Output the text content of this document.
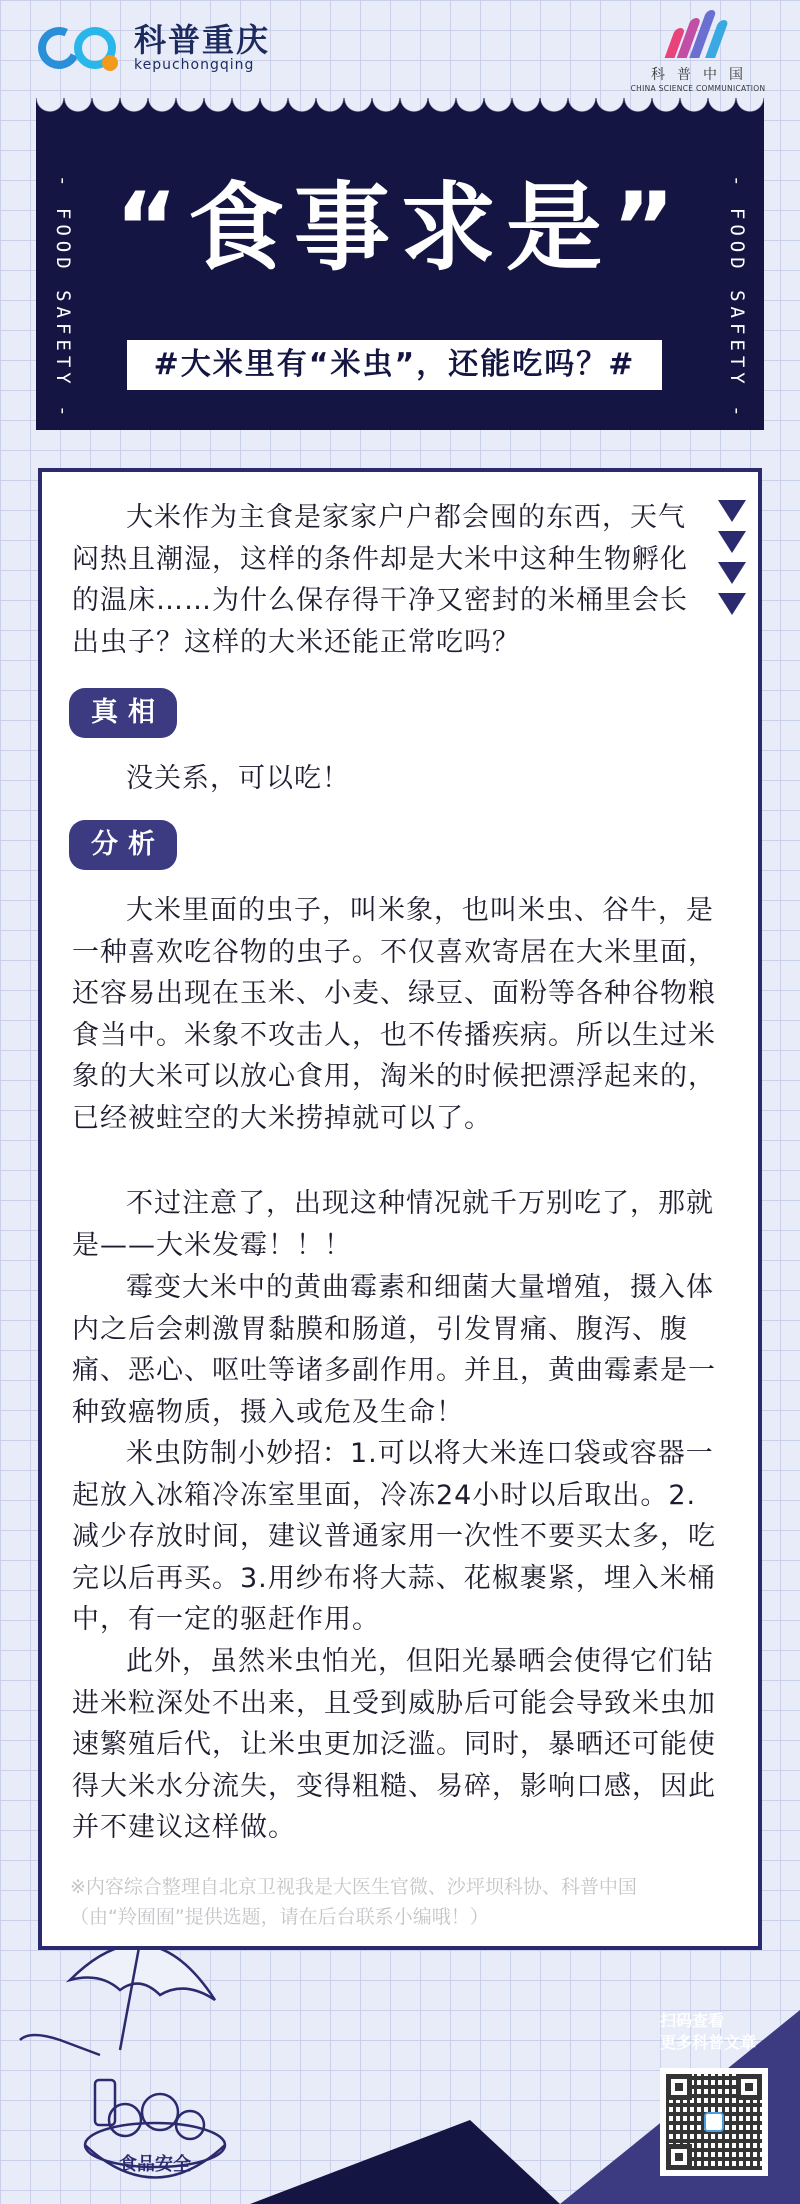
科普重庆
kepuchongqing
科普中国
CHINA SCIENCE COMMUNICATION
- FOOD SAFETY -	- FOOD SAFETY -
“食事求是”
#大米里有“米虫”，还能吃吗？#
大米作为主食是家家户户都会囤的东西，天气闷热且潮湿，这样的条件却是大米中这种生物孵化的温床……为什么保存得干净又密封的米桶里会长出虫子？这样的大米还能正常吃吗？
真相
没关系，可以吃！
分析
大米里面的虫子，叫米象，也叫米虫、谷牛，是一种喜欢吃谷物的虫子。不仅喜欢寄居在大米里面，还容易出现在玉米、小麦、绿豆、面粉等各种谷物粮食当中。米象不攻击人，也不传播疾病。所以生过米象的大米可以放心食用，淘米的时候把漂浮起来的，已经被蛀空的大米捞掉就可以了。
不过注意了，出现这种情况就千万别吃了，那就是——大米发霉！！！
霉变大米中的黄曲霉素和细菌大量增殖，摄入体内之后会刺激胃黏膜和肠道，引发胃痛、腹泻、腹痛、恶心、呕吐等诸多副作用。并且，黄曲霉素是一种致癌物质，摄入或危及生命！
米虫防制小妙招：1.可以将大米连口袋或容器一起放入冰箱冷冻室里面，冷冻24小时以后取出。2.减少存放时间，建议普通家用一次性不要买太多，吃完以后再买。3.用纱布将大蒜、花椒裹紧，埋入米桶中，有一定的驱赶作用。
此外，虽然米虫怕光，但阳光暴晒会使得它们钻进米粒深处不出来，且受到威胁后可能会导致米虫加速繁殖后代，让米虫更加泛滥。同时，暴晒还可能使得大米水分流失，变得粗糙、易碎，影响口感，因此并不建议这样做。
※内容综合整理自北京卫视我是大医生官微、沙坪坝科协、科普中国（由“羚囿囿”提供选题，请在后台联系小编哦！）
扫码查看
更多科普文章
食品安全
